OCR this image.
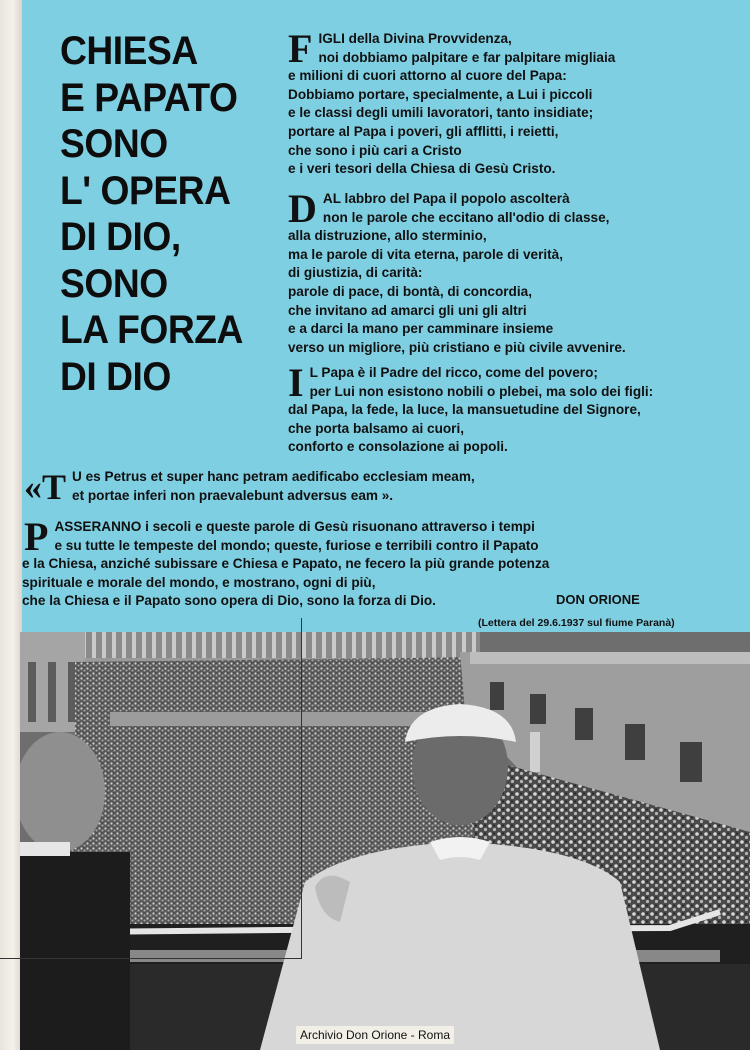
CHIESA
E PAPATO
SONO
L' OPERA
DI DIO,
SONO
LA FORZA
DI DIO
F IGLI della Divina Provvidenza,

noi dobbiamo palpitare e far palpitare migliaia

e milioni di cuori attorno al cuore del Papa:

Dobbiamo portare, specialmente, a Lui i piccoli

e le classi degli umili lavoratori, tanto insidiate;

portare al Papa i poveri, gli afflitti, i reietti,

che sono i più cari a Cristo

e i veri tesori della Chiesa di Gesù Cristo.

D AL labbro del Papa il popolo ascolterà

non le parole che eccitano all'odio di classe,

alla distruzione, allo sterminio,

ma le parole di vita eterna, parole di verità,

di giustizia, di carità:

parole di pace, di bontà, di concordia,

che invitano ad amarci gli uni gli altri

e a darci la mano per camminare insieme

verso un migliore, più cristiano e più civile avvenire.

I L Papa è il Padre del ricco, come del povero;

per Lui non esistono nobili o plebei, ma solo dei figli:

dal Papa, la fede, la luce, la mansuetudine del Signore,

che porta balsamo ai cuori,

conforto e consolazione ai popoli.

«T U es Petrus et super hanc petram aedificabo ecclesiam meam,

et portae inferi non praevalebunt adversus eam ».

P ASSERANNO i secoli e queste parole di Gesù risuonano attraverso i tempi

e su tutte le tempeste del mondo; queste, furiose e terribili contro il Papato

e la Chiesa, anziché subissare e Chiesa e Papato, ne fecero la più grande potenza

spirituale e morale del mondo, e mostrano, ogni di più,

che la Chiesa e il Papato sono opera di Dio, sono la forza di Dio.	DON ORIONE
(Lettera del 29.6.1937 sul fiume Paranà)
Archivio Don Orione - Roma
